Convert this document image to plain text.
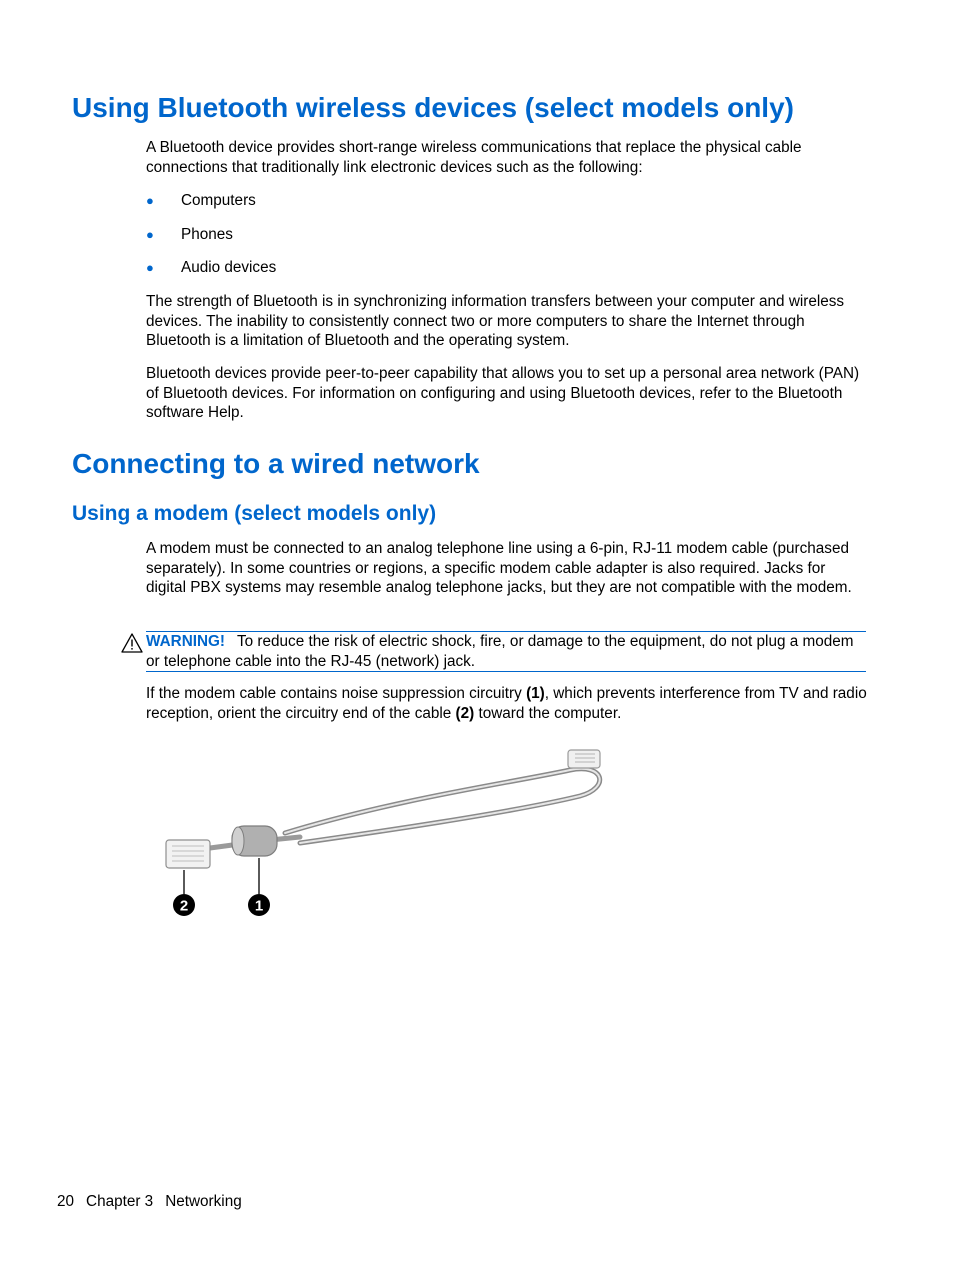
Using Bluetooth wireless devices (select models only)

A Bluetooth device provides short-range wireless communications that replace the physical cable connections that traditionally link electronic devices such as the following:

● Computers
● Phones
● Audio devices

The strength of Bluetooth is in synchronizing information transfers between your computer and wireless devices. The inability to consistently connect two or more computers to share the Internet through Bluetooth is a limitation of Bluetooth and the operating system.

Bluetooth devices provide peer-to-peer capability that allows you to set up a personal area network (PAN) of Bluetooth devices. For information on configuring and using Bluetooth devices, refer to the Bluetooth software Help.

Connecting to a wired network
Using a modem (select models only)

A modem must be connected to an analog telephone line using a 6-pin, RJ-11 modem cable (purchased separately). In some countries or regions, a specific modem cable adapter is also required. Jacks for digital PBX systems may resemble analog telephone jacks, but they are not compatible with the modem.

WARNING! To reduce the risk of electric shock, fire, or damage to the equipment, do not plug a modem or telephone cable into the RJ-45 (network) jack.

If the modem cable contains noise suppression circuitry (1), which prevents interference from TV and radio reception, orient the circuitry end of the cable (2) toward the computer.

2	1
20 Chapter 3 Networking
